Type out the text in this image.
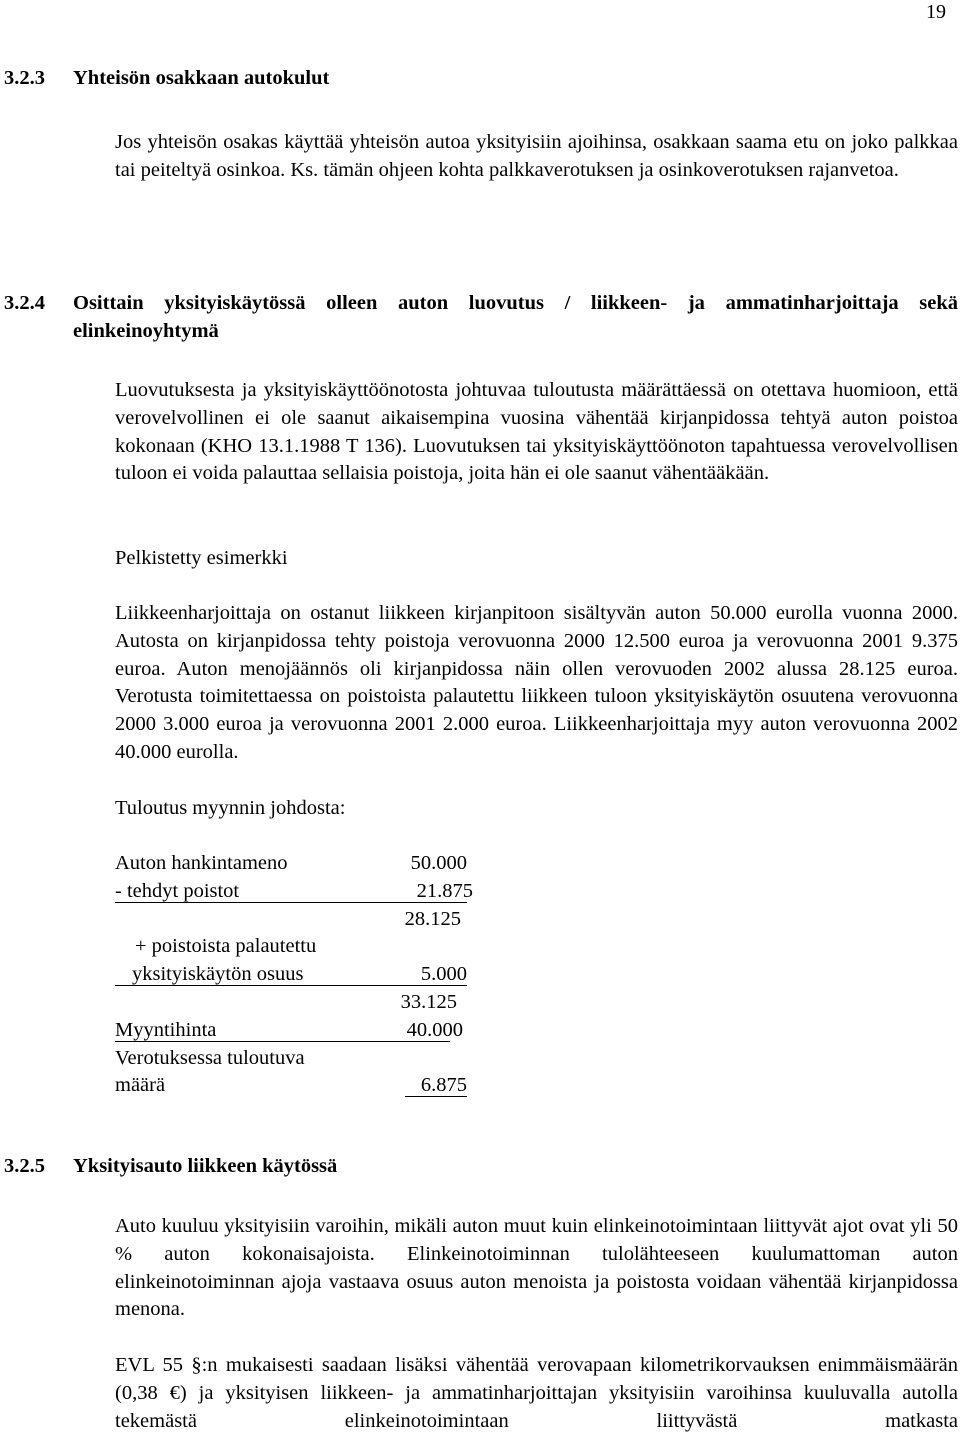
19
3.2.3 Yhteisön osakkaan autokulut

Jos yhteisön osakas käyttää yhteisön autoa yksityisiin ajoihinsa, osakkaan saama etu on joko palkkaa tai peiteltyä osinkoa. Ks. tämän ohjeen kohta palkkaverotuksen ja osinkoverotuksen rajanvetoa.

3.2.4	Osittain yksityiskäytössä olleen auton luovutus / liikkeen- ja ammatinharjoittaja sekä elinkeinoyhtymä

Luovutuksesta ja yksityiskäyttöönotosta johtuvaa tuloutusta määrättäessä on otettava huomioon, että verovelvollinen ei ole saanut aikaisempina vuosina vähentää kirjanpidossa tehtyä auton poistoa kokonaan (KHO 13.1.1988 T 136). Luovutuksen tai yksityiskäyttöönoton tapahtuessa verovelvollisen tuloon ei voida palauttaa sellaisia poistoja, joita hän ei ole saanut vähentääkään.

Pelkistetty esimerkki

Liikkeenharjoittaja on ostanut liikkeen kirjanpitoon sisältyvän auton 50.000 eurolla vuonna 2000. Autosta on kirjanpidossa tehty poistoja verovuonna 2000 12.500 euroa ja verovuonna 2001 9.375 euroa. Auton menojäännös oli kirjanpidossa näin ollen verovuoden 2002 alussa 28.125 euroa. Verotusta toimitettaessa on poistoista palautettu liikkeen tuloon yksityiskäytön osuutena verovuonna 2000 3.000 euroa ja verovuonna 2001 2.000 euroa. Liikkeenharjoittaja myy auton verovuonna 2002 40.000 eurolla.

Tuloutus myynnin johdosta:

Auton hankintameno	50.000
- tehdyt poistot	21.875
28.125
+ poistoista palautettu
yksityiskäytön osuus	5.000
33.125
Myyntihinta	40.000
Verotuksessa tuloutuva
määrä	6.875
3.2.5 Yksityisauto liikkeen käytössä

Auto kuuluu yksityisiin varoihin, mikäli auton muut kuin elinkeinotoimintaan liittyvät ajot ovat yli 50 % auton kokonaisajoista. Elinkeinotoiminnan tulolähteeseen kuulumattoman auton elinkeinotoiminnan ajoja vastaava osuus auton menoista ja poistosta voidaan vähentää kirjanpidossa menona.

EVL 55 §:n mukaisesti saadaan lisäksi vähentää verovapaan kilometrikorvauksen enimmäismäärän (0,38 €) ja yksityisen liikkeen- ja ammatinharjoittajan yksityisiin varoihinsa kuuluvalla autolla tekemästä elinkeinotoimintaan liittyvästä matkasta
